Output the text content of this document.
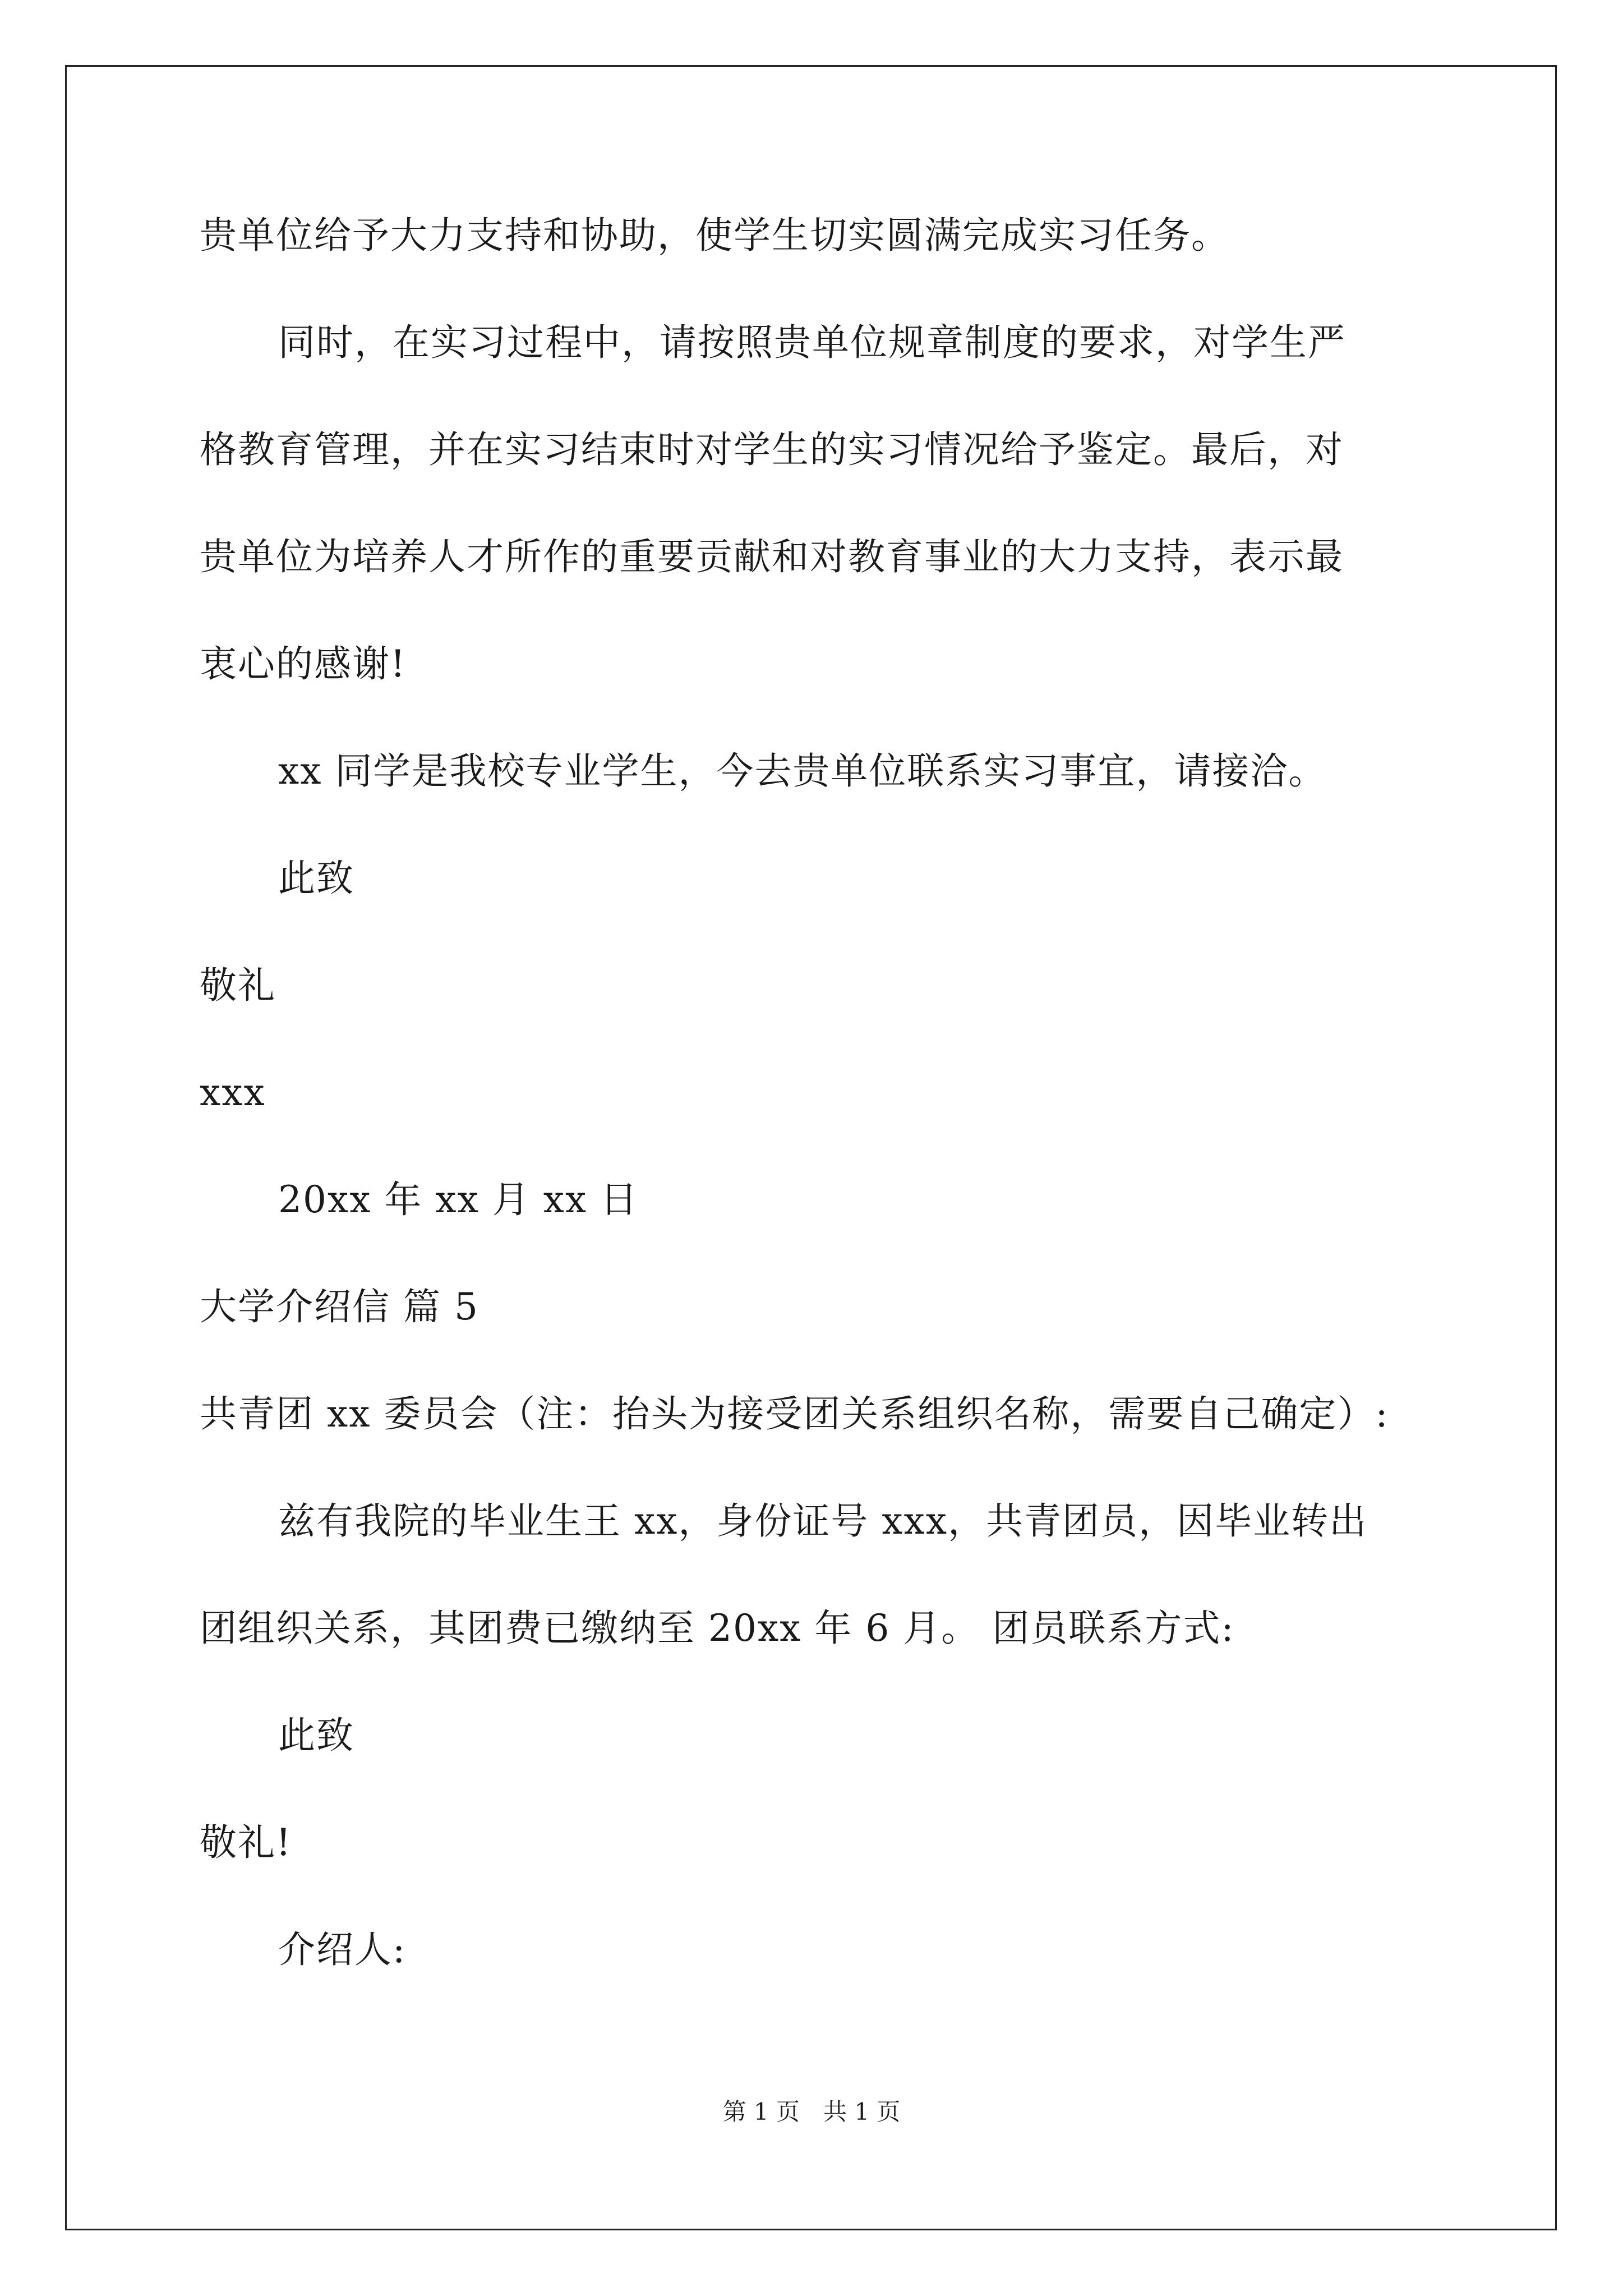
贵单位给予大力支持和协助，使学生切实圆满完成实习任务。
同时，在实习过程中，请按照贵单位规章制度的要求，对学生严
格教育管理，并在实习结束时对学生的实习情况给予鉴定。最后，对
贵单位为培养人才所作的重要贡献和对教育事业的大力支持，表示最
衷心的感谢!
xx 同学是我校专业学生，今去贵单位联系实习事宜，请接洽。
此致
敬礼
xxx
20xx 年 xx 月 xx 日
大学介绍信 篇 5
共青团 xx 委员会（注：抬头为接受团关系组织名称，需要自己确定）:
兹有我院的毕业生王 xx，身份证号 xxx，共青团员，因毕业转出
团组织关系，其团费已缴纳至 20xx 年 6 月。 团员联系方式:
此致
敬礼!
介绍人:
第 1 页　共 1 页
